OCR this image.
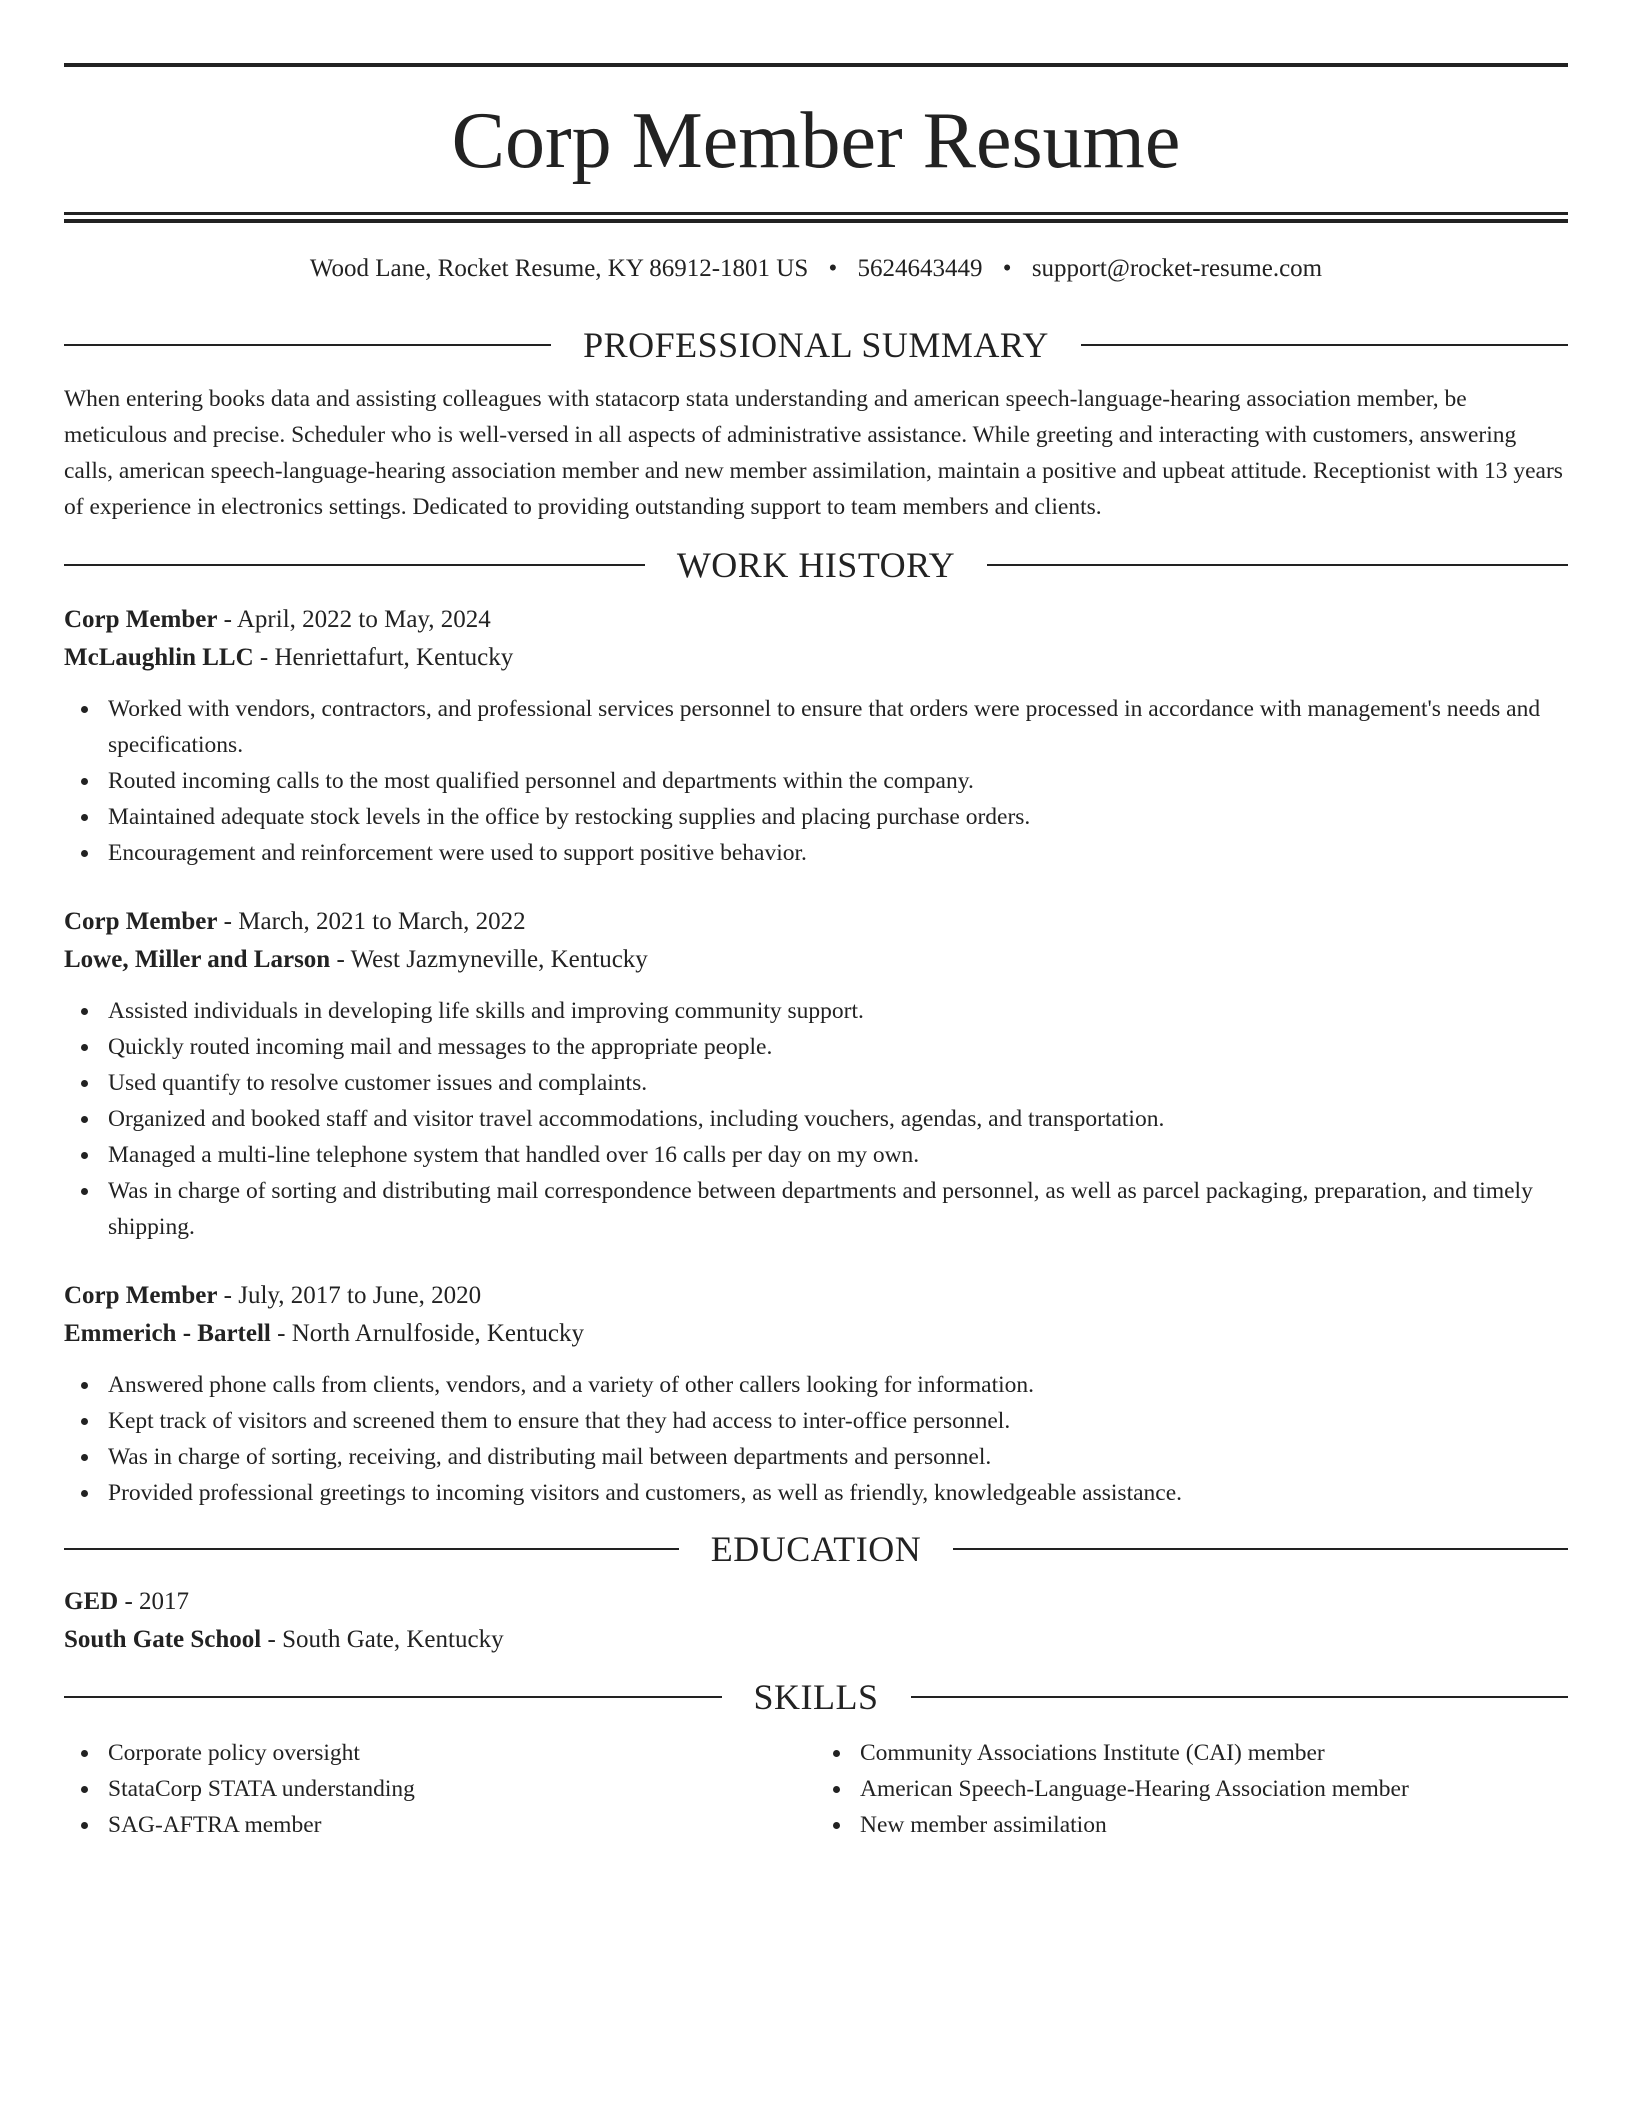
Corp Member Resume
Wood Lane, Rocket Resume, KY 86912-1801 US • 5624643449 • support@rocket-resume.com
PROFESSIONAL SUMMARY

When entering books data and assisting colleagues with statacorp stata understanding and american speech-language-hearing association member, be meticulous and precise. Scheduler who is well-versed in all aspects of administrative assistance. While greeting and interacting with customers, answering calls, american speech-language-hearing association member and new member assimilation, maintain a positive and upbeat attitude. Receptionist with 13 years of experience in electronics settings. Dedicated to providing outstanding support to team members and clients.

WORK HISTORY

Corp Member - April, 2022 to May, 2024

McLaughlin LLC - Henriettafurt, Kentucky

Worked with vendors, contractors, and professional services personnel to ensure that orders were processed in accordance with management's needs and specifications.
Routed incoming calls to the most qualified personnel and departments within the company.
Maintained adequate stock levels in the office by restocking supplies and placing purchase orders.
Encouragement and reinforcement were used to support positive behavior.

Corp Member - March, 2021 to March, 2022

Lowe, Miller and Larson - West Jazmyneville, Kentucky

Assisted individuals in developing life skills and improving community support.
Quickly routed incoming mail and messages to the appropriate people.
Used quantify to resolve customer issues and complaints.
Organized and booked staff and visitor travel accommodations, including vouchers, agendas, and transportation.
Managed a multi-line telephone system that handled over 16 calls per day on my own.
Was in charge of sorting and distributing mail correspondence between departments and personnel, as well as parcel packaging, preparation, and timely shipping.

Corp Member - July, 2017 to June, 2020

Emmerich - Bartell - North Arnulfoside, Kentucky

Answered phone calls from clients, vendors, and a variety of other callers looking for information.
Kept track of visitors and screened them to ensure that they had access to inter-office personnel.
Was in charge of sorting, receiving, and distributing mail between departments and personnel.
Provided professional greetings to incoming visitors and customers, as well as friendly, knowledgeable assistance.
EDUCATION

GED - 2017

South Gate School - South Gate, Kentucky

SKILLS
Corporate policy oversight
StataCorp STATA understanding
SAG-AFTRA member
Community Associations Institute (CAI) member
American Speech-Language-Hearing Association member
New member assimilation
